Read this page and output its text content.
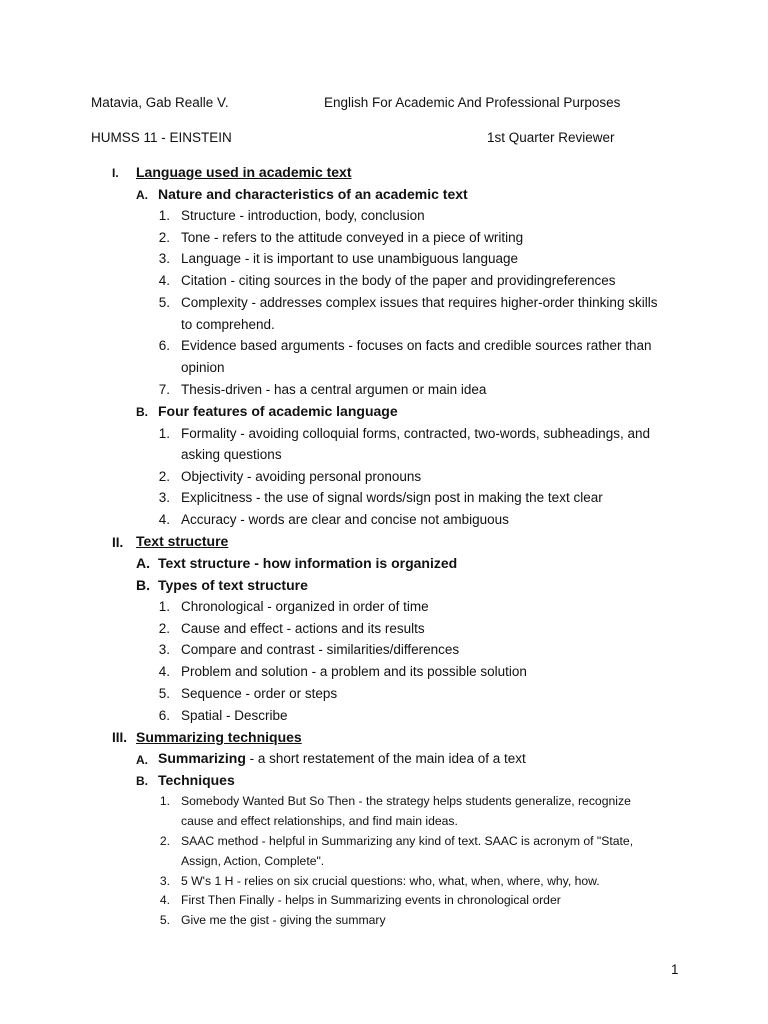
Matavia, Gab Realle V.	English For Academic And Professional Purposes
HUMSS 11 - EINSTEIN	1st Quarter Reviewer
I. Language used in academic text
A. Nature and characteristics of an academic text
1. Structure - introduction, body, conclusion
2. Tone - refers to the attitude conveyed in a piece of writing
3. Language - it is important to use unambiguous language
4. Citation - citing sources in the body of the paper and providingreferences
5. Complexity - addresses complex issues that requires higher-order thinking skills
to comprehend.
6. Evidence based arguments - focuses on facts and credible sources rather than
opinion
7. Thesis-driven - has a central argumen or main idea
B. Four features of academic language
1. Formality - avoiding colloquial forms, contracted, two-words, subheadings, and
asking questions
2. Objectivity - avoiding personal pronouns
3. Explicitness - the use of signal words/sign post in making the text clear
4. Accuracy - words are clear and concise not ambiguous
II. Text structure
A. Text structure - how information is organized
B. Types of text structure
1. Chronological - organized in order of time
2. Cause and effect - actions and its results
3. Compare and contrast - similarities/differences
4. Problem and solution - a problem and its possible solution
5. Sequence - order or steps
6. Spatial - Describe
III. Summarizing techniques
A. Summarizing - a short restatement of the main idea of a text
B. Techniques
1. Somebody Wanted But So Then - the strategy helps students generalize, recognize
cause and effect relationships, and find main ideas.
2. SAAC method - helpful in Summarizing any kind of text. SAAC is acronym of "State,
Assign, Action, Complete".
3. 5 W's 1 H - relies on six crucial questions: who, what, when, where, why, how.
4. First Then Finally - helps in Summarizing events in chronological order
5. Give me the gist - giving the summary
1
